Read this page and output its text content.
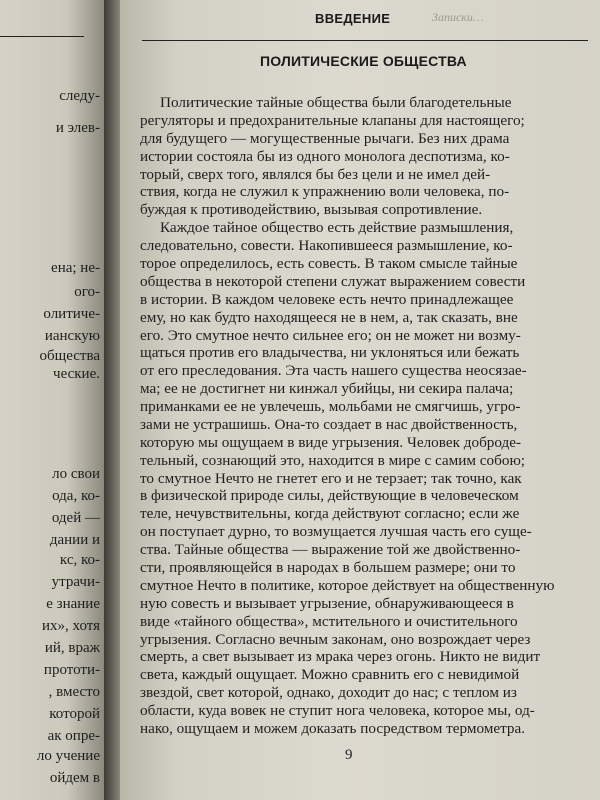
следу-
и элев-
ена; не-
ого-
олитиче-
ианскую
общества
ческие.
ло свои
ода, ко-
одей —
дании и
кс, ко-
утрачи-
е знание
их», хотя
ий, враж
прототи-
, вместо
которой
ак опре-
ло учение
ойдем в
ВВЕДЕНИЕ	Записки…
ПОЛИТИЧЕСКИЕ ОБЩЕСТВА
Политические тайные общества были благодетельные
регуляторы и предохранительные клапаны для настоящего;
для будущего — могущественные рычаги. Без них драма
истории состояла бы из одного монолога деспотизма, ко-
торый, сверх того, являлся бы без цели и не имел дей-
ствия, когда не служил к упражнению воли человека, по-
буждая к противодействию, вызывая сопротивление.
Каждое тайное общество есть действие размышления,
следовательно, совести. Накопившееся размышление, ко-
торое определилось, есть совесть. В таком смысле тайные
общества в некоторой степени служат выражением совести
в истории. В каждом человеке есть нечто принадлежащее
ему, но как будто находящееся не в нем, а, так сказать, вне
его. Это смутное нечто сильнее его; он не может ни возму-
щаться против его владычества, ни уклоняться или бежать
от его преследования. Эта часть нашего существа неосязае-
ма; ее не достигнет ни кинжал убийцы, ни секира палача;
приманками ее не увлечешь, мольбами не смягчишь, угро-
зами не устрашишь. Она-то создает в нас двойственность,
которую мы ощущаем в виде угрызения. Человек доброде-
тельный, сознающий это, находится в мире с самим собою;
то смутное Нечто не гнетет его и не терзает; так точно, как
в физической природе силы, действующие в человеческом
теле, нечувствительны, когда действуют согласно; если же
он поступает дурно, то возмущается лучшая часть его суще-
ства. Тайные общества — выражение той же двойственно-
сти, проявляющейся в народах в большем размере; они то
смутное Нечто в политике, которое действует на общественную
ную совесть и вызывает угрызение, обнаруживающееся в
виде «тайного общества», мстительного и очистительного
угрызения. Согласно вечным законам, оно возрождает через
смерть, а свет вызывает из мрака через огонь. Никто не видит
света, каждый ощущает. Можно сравнить его с невидимой
звездой, свет которой, однако, доходит до нас; с теплом из
области, куда вовек не ступит нога человека, которое мы, од-
нако, ощущаем и можем доказать посредством термометра.
9
